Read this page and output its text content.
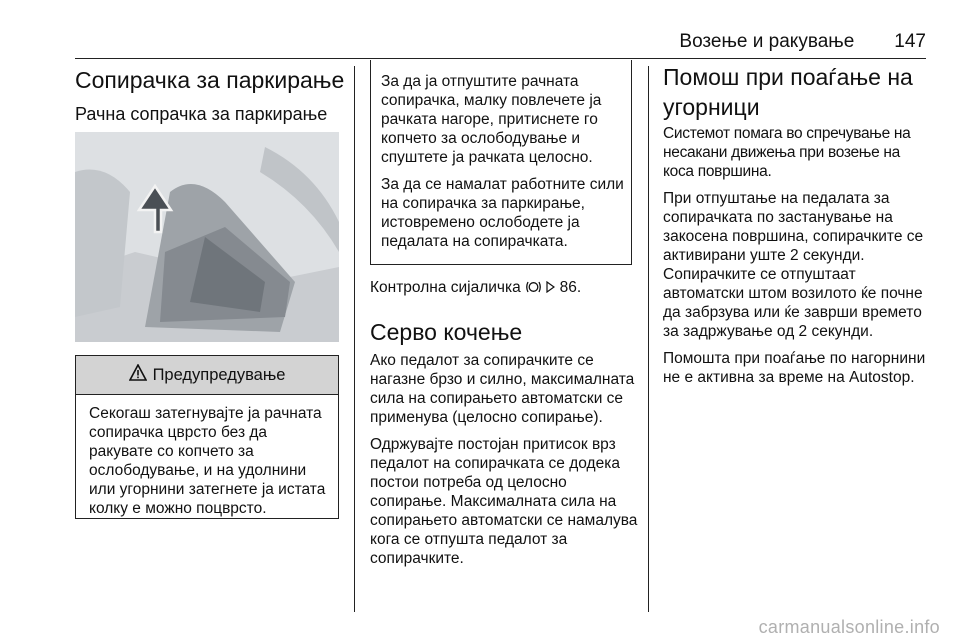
Возење и ракување 147
Сопирачка за паркирање
Рачна сопрачка за паркирање
Предупредување

Секогаш затегнувајте ја рачната сопирачка цврсто без да ракувате со копчето за ослободување, и на удолнини или угорнини затегнете ја истата колку е можно поцврсто.

За да ја отпуштите рачната сопирачка, малку повлечете ја рачката нагоре, притиснете го копчето за ослободување и спуштете ја рачката целосно.

За да се намалат работните сили на сопирачка за паркирање, истовремено ослободете ја педалата на сопирачката.

Контролна сијаличка	86.

Серво кочење

Ако педалот за сопирачките се нагазне брзо и силно, максималната сила на сопирањето автоматски се применува (целосно сопирање).

Одржувајте постојан притисок врз педалот на сопирачката се додека постои потреба од целосно сопирање. Максималната сила на сопирањето автоматски се намалува кога се отпушта педалот за сопирачките.

Помош при поаѓање на угорници

Системот помага во спречување на несакани движења при возење на коса површина.

При отпуштање на педалата за сопирачката по застанување на закосена површина, сопирачките се активирани уште 2 секунди. Сопирачките се отпуштаат автоматски штом возилото ќе почне да забрзува или ќе заврши времето за задржување од 2 секунди.

Помошта при поаѓање по нагорнини не е активна за време на Autostop.

carmanualsonline.info
